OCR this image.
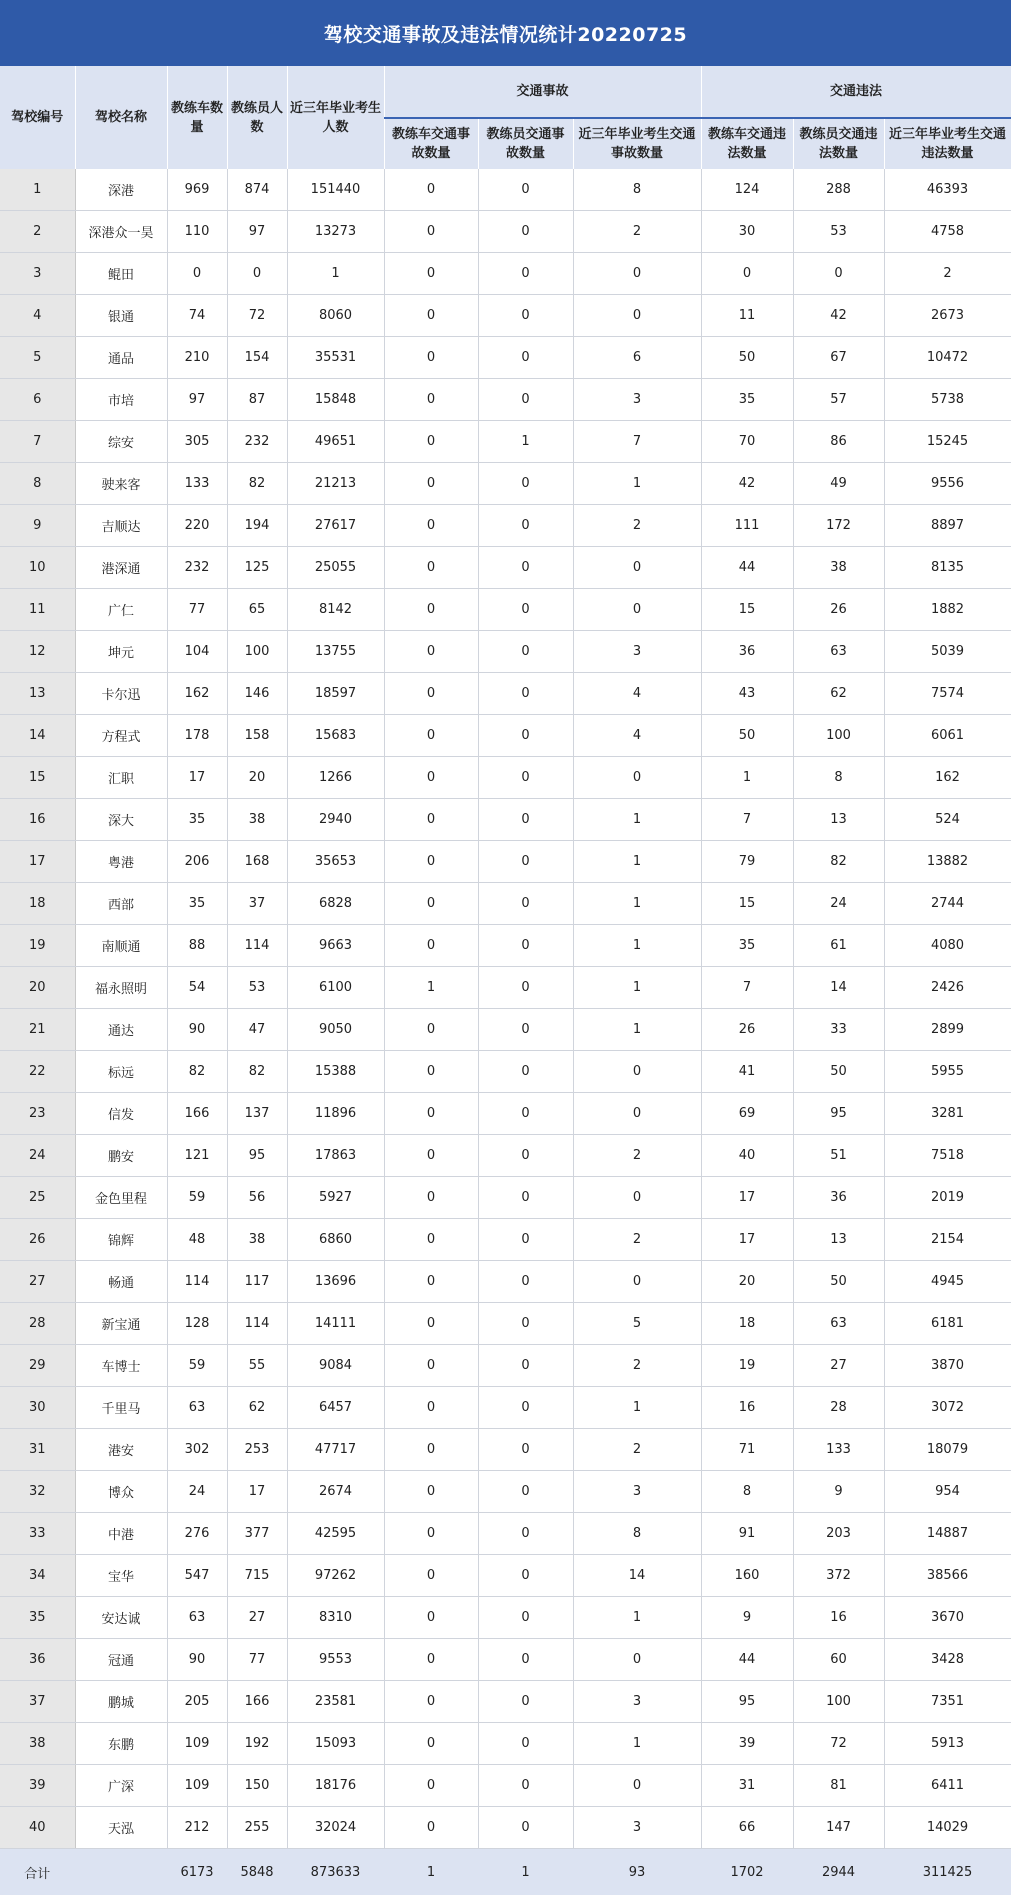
驾校交通事故及违法情况统计20220725
驾校编号	驾校名称	教练车数量	教练员人数	近三年毕业考生人数	交通事故			交通违法		
					教练车交通事故数量	教练员交通事故数量	近三年毕业考生交通事故数量	教练车交通违法数量	教练员交通违法数量	近三年毕业考生交通违法数量
1	深港	969	874	151440	0	0	8	124	288	46393
2	深港众一昊	110	97	13273	0	0	2	30	53	4758
3	鲲田	0	0	1	0	0	0	0	0	2
4	银通	74	72	8060	0	0	0	11	42	2673
5	通品	210	154	35531	0	0	6	50	67	10472
6	市培	97	87	15848	0	0	3	35	57	5738
7	综安	305	232	49651	0	1	7	70	86	15245
8	驶来客	133	82	21213	0	0	1	42	49	9556
9	吉顺达	220	194	27617	0	0	2	111	172	8897
10	港深通	232	125	25055	0	0	0	44	38	8135
11	广仁	77	65	8142	0	0	0	15	26	1882
12	坤元	104	100	13755	0	0	3	36	63	5039
13	卡尔迅	162	146	18597	0	0	4	43	62	7574
14	方程式	178	158	15683	0	0	4	50	100	6061
15	汇职	17	20	1266	0	0	0	1	8	162
16	深大	35	38	2940	0	0	1	7	13	524
17	粤港	206	168	35653	0	0	1	79	82	13882
18	西部	35	37	6828	0	0	1	15	24	2744
19	南顺通	88	114	9663	0	0	1	35	61	4080
20	福永照明	54	53	6100	1	0	1	7	14	2426
21	通达	90	47	9050	0	0	1	26	33	2899
22	标远	82	82	15388	0	0	0	41	50	5955
23	信发	166	137	11896	0	0	0	69	95	3281
24	鹏安	121	95	17863	0	0	2	40	51	7518
25	金色里程	59	56	5927	0	0	0	17	36	2019
26	锦辉	48	38	6860	0	0	2	17	13	2154
27	畅通	114	117	13696	0	0	0	20	50	4945
28	新宝通	128	114	14111	0	0	5	18	63	6181
29	车博士	59	55	9084	0	0	2	19	27	3870
30	千里马	63	62	6457	0	0	1	16	28	3072
31	港安	302	253	47717	0	0	2	71	133	18079
32	博众	24	17	2674	0	0	3	8	9	954
33	中港	276	377	42595	0	0	8	91	203	14887
34	宝华	547	715	97262	0	0	14	160	372	38566
35	安达诚	63	27	8310	0	0	1	9	16	3670
36	冠通	90	77	9553	0	0	0	44	60	3428
37	鹏城	205	166	23581	0	0	3	95	100	7351
38	东鹏	109	192	15093	0	0	1	39	72	5913
39	广深	109	150	18176	0	0	0	31	81	6411
40	天泓	212	255	32024	0	0	3	66	147	14029
合计		6173	5848	873633	1	1	93	1702	2944	311425
